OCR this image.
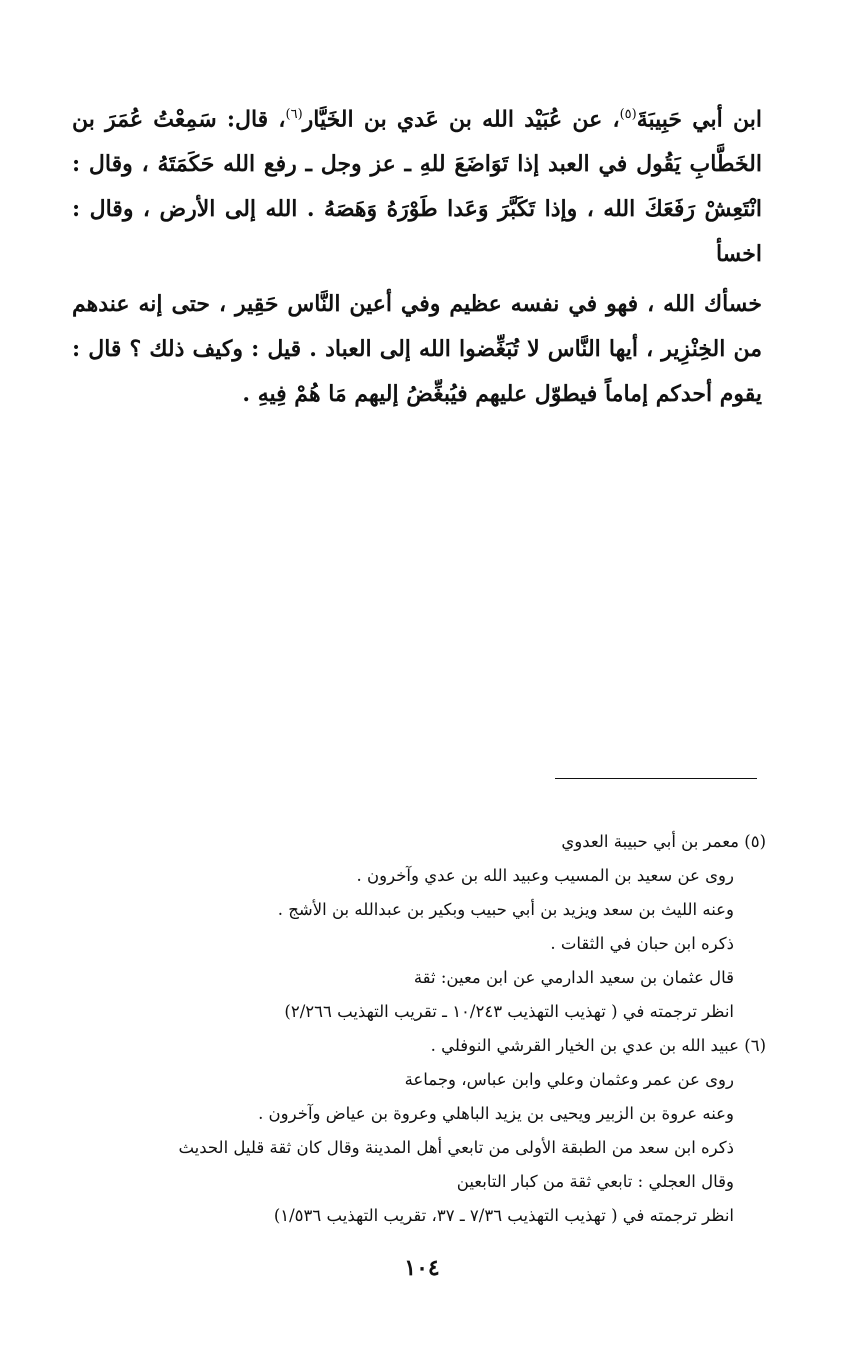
ابن أبي حَبِيبَةَ$^{(٥)}$، عن عُبَيْد الله بن عَدي بن الخَيَّار$^{(٦)}$، قال: سَمِعْتُ عُمَرَ بن الخَطَّابِ يَقُول في العبد إذا تَوَاضَعَ للهِ ـ عز وجل ـ رفع الله حَكَمَتَهُ ، وقال : انْتَعِشْ رَفَعَكَ الله ، وإذا تَكَبَّرَ وَعَدا طَوْرَهُ وَهَصَهُ . الله إلى الأرض ، وقال : اخسأ

خسأك الله ، فهو في نفسه عظيم وفي أعين النَّاس حَقِير ، حتى إنه عندهم من الخِنْزِير ، أيها النَّاس لا تُبَغِّضوا الله إلى العباد . قيل : وكيف ذلك ؟ قال : يقوم أحدكم إماماً فيطوّل عليهم فيُبغِّضُ إليهم مَا هُمْ فِيهِ .

(٥) معمر بن أبي حبيبة العدوي

روى عن سعيد بن المسيب وعبيد الله بن عدي وآخرون .

وعنه الليث بن سعد ويزيد بن أبي حبيب وبكير بن عبدالله بن الأشج .

ذكره ابن حبان في الثقات .

قال عثمان بن سعيد الدارمي عن ابن معين: ثقة

انظر ترجمته في ( تهذيب التهذيب ١٠/٢٤٣ ـ تقريب التهذيب ٢/٢٦٦)

(٦) عبيد الله بن عدي بن الخيار القرشي النوفلي .

روى عن عمر وعثمان وعلي وابن عباس، وجماعة

وعنه عروة بن الزبير ويحيى بن يزيد الباهلي وعروة بن عياض وآخرون .

ذكره ابن سعد من الطبقة الأولى من تابعي أهل المدينة وقال كان ثقة قليل الحديث

وقال العجلي : تابعي ثقة من كبار التابعين

انظر ترجمته في ( تهذيب التهذيب ٧/٣٦ ـ ٣٧، تقريب التهذيب ١/٥٣٦)

١٠٤
